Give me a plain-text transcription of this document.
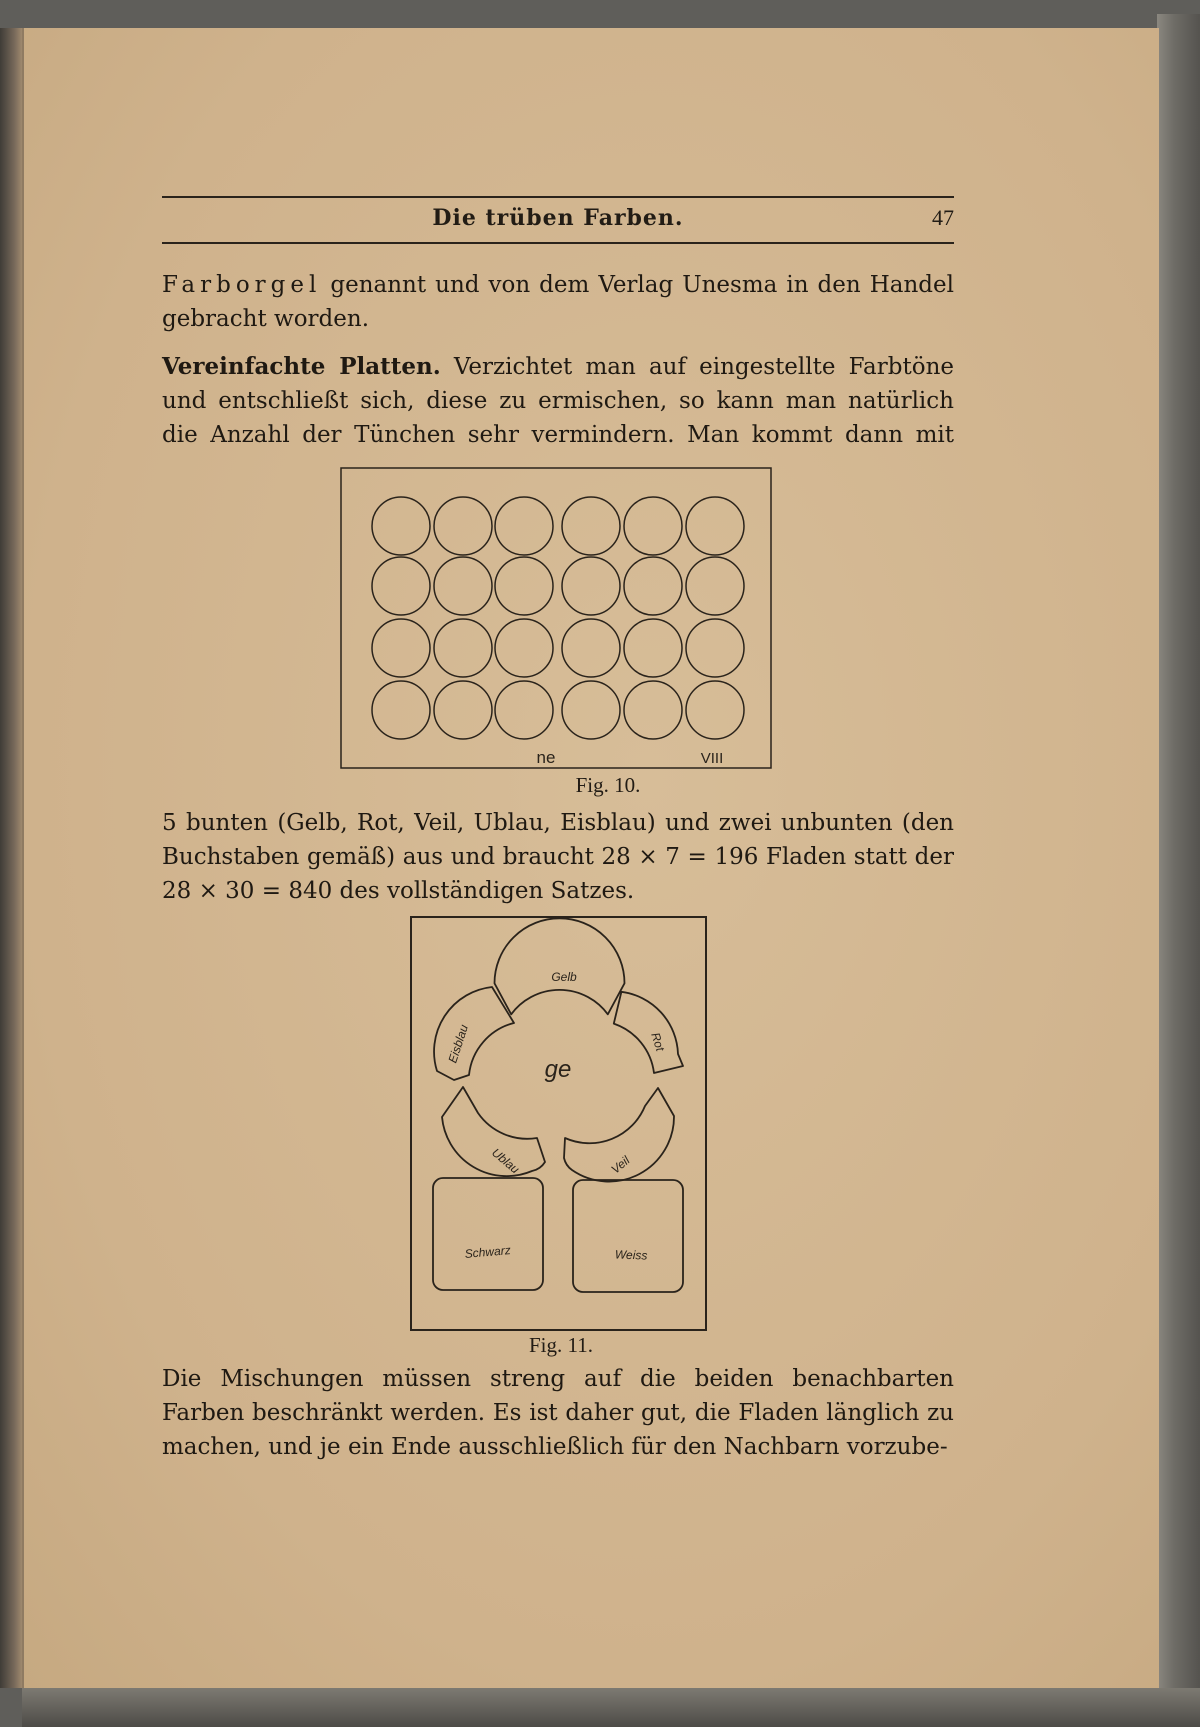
Die trüben Farben.	47

Farborgel genannt und von dem Verlag Unesma in den Handel gebracht worden.

Vereinfachte Platten. Verzichtet man auf eingestellte Farbtöne und entschließt sich, diese zu ermischen, so kann man natürlich die Anzahl der Tünchen sehr vermindern. Man kommt dann mit

ne	VIII
Fig. 10.

5 bunten (Gelb, Rot, Veil, Ublau, Eisblau) und zwei unbunten (den Buchstaben gemäß) aus und braucht 28 × 7 = 196 Fladen statt der 28 × 30 = 840 des vollständigen Satzes.

ge
Gelb
Rot
Veil
Ublau
Eisblau
Schwarz	Weiss
Fig. 11.

Die Mischungen müssen streng auf die beiden benachbarten Farben beschränkt werden. Es ist daher gut, die Fladen länglich zu machen, und je ein Ende ausschließlich für den Nachbarn vorzube-
